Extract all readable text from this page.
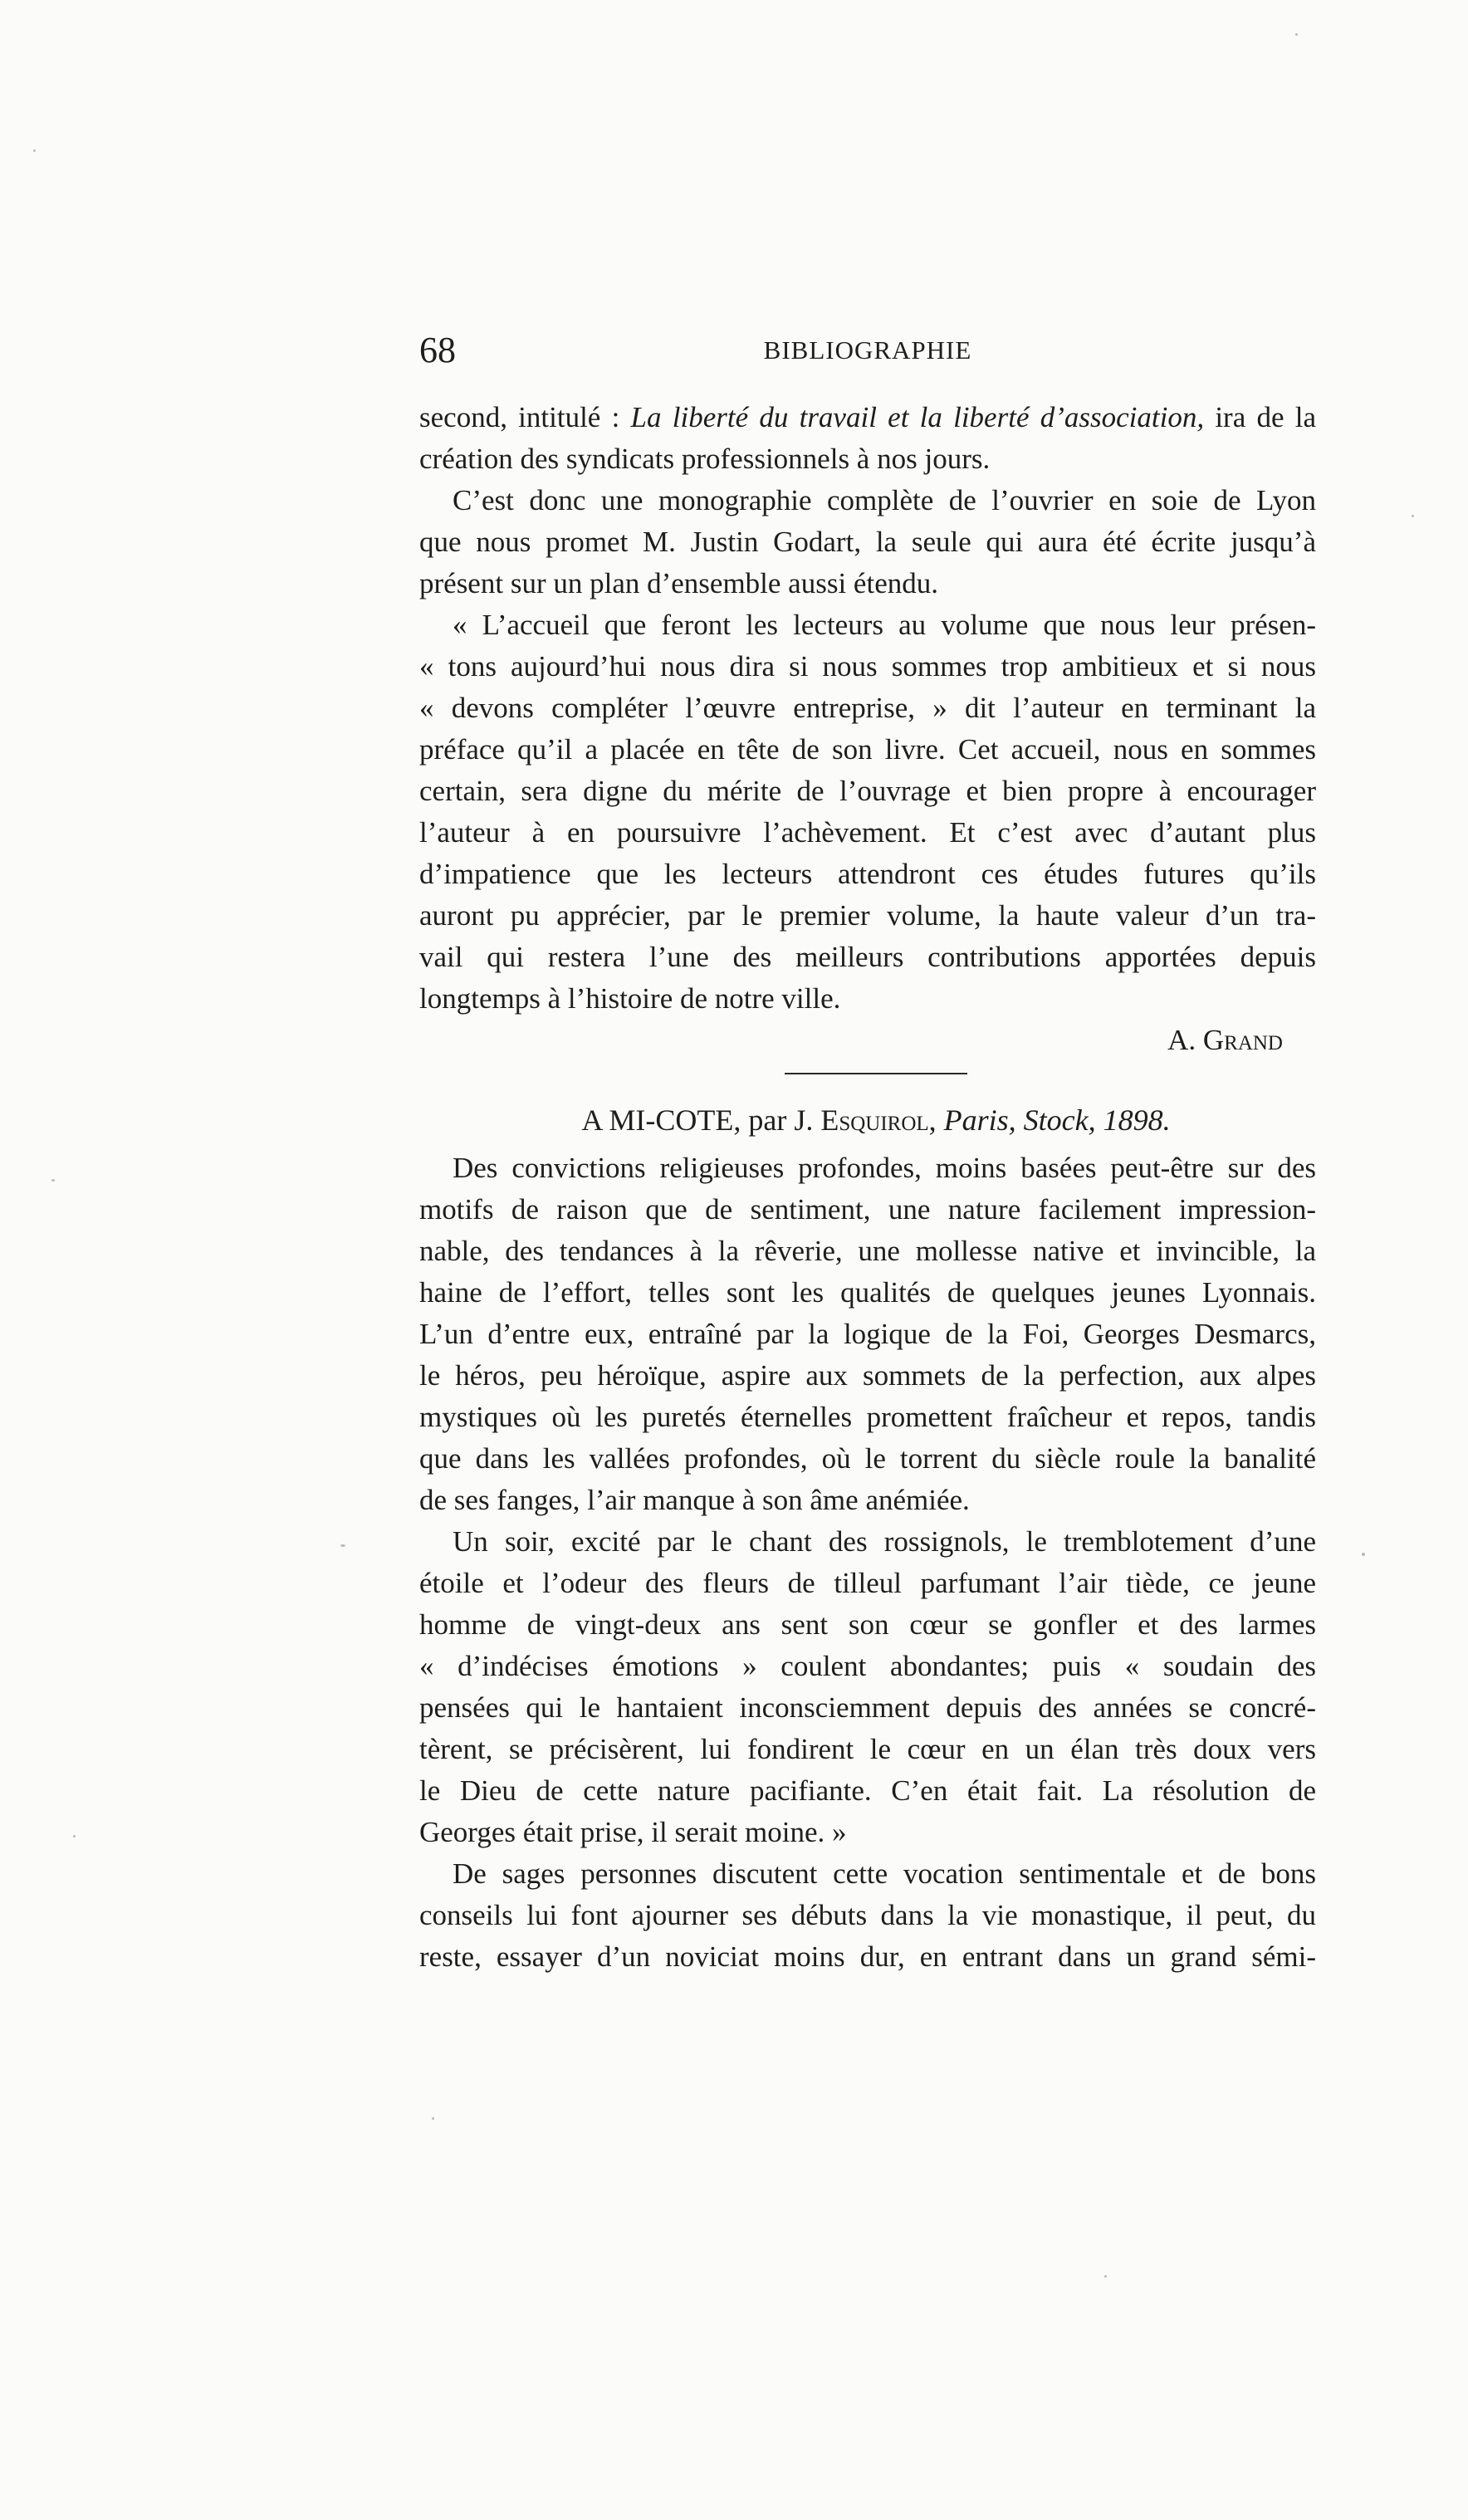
68	BIBLIOGRAPHIE
second, intitulé : La liberté du travail et la liberté d’association, ira de la
création des syndicats professionnels à nos jours.
C’est donc une monographie complète de l’ouvrier en soie de Lyon
que nous promet M. Justin Godart, la seule qui aura été écrite jusqu’à
présent sur un plan d’ensemble aussi étendu.
« L’accueil que feront les lecteurs au volume que nous leur présen-
« tons aujourd’hui nous dira si nous sommes trop ambitieux et si nous
« devons compléter l’œuvre entreprise, » dit l’auteur en terminant la
préface qu’il a placée en tête de son livre. Cet accueil, nous en sommes
certain, sera digne du mérite de l’ouvrage et bien propre à encourager
l’auteur à en poursuivre l’achèvement. Et c’est avec d’autant plus
d’impatience que les lecteurs attendront ces études futures qu’ils
auront pu apprécier, par le premier volume, la haute valeur d’un tra-
vail qui restera l’une des meilleurs contributions apportées depuis
longtemps à l’histoire de notre ville.
A. Grand
A MI-COTE, par J. Esquirol, Paris, Stock, 1898.
Des convictions religieuses profondes, moins basées peut-être sur des
motifs de raison que de sentiment, une nature facilement impression-
nable, des tendances à la rêverie, une mollesse native et invincible, la
haine de l’effort, telles sont les qualités de quelques jeunes Lyonnais.
L’un d’entre eux, entraîné par la logique de la Foi, Georges Desmarcs,
le héros, peu héroïque, aspire aux sommets de la perfection, aux alpes
mystiques où les puretés éternelles promettent fraîcheur et repos, tandis
que dans les vallées profondes, où le torrent du siècle roule la banalité
de ses fanges, l’air manque à son âme anémiée.
Un soir, excité par le chant des rossignols, le tremblotement d’une
étoile et l’odeur des fleurs de tilleul parfumant l’air tiède, ce jeune
homme de vingt-deux ans sent son cœur se gonfler et des larmes
« d’indécises émotions » coulent abondantes; puis « soudain des
pensées qui le hantaient inconsciemment depuis des années se concré-
tèrent, se précisèrent, lui fondirent le cœur en un élan très doux vers
le Dieu de cette nature pacifiante. C’en était fait. La résolution de
Georges était prise, il serait moine. »
De sages personnes discutent cette vocation sentimentale et de bons
conseils lui font ajourner ses débuts dans la vie monastique, il peut, du
reste, essayer d’un noviciat moins dur, en entrant dans un grand sémi-
